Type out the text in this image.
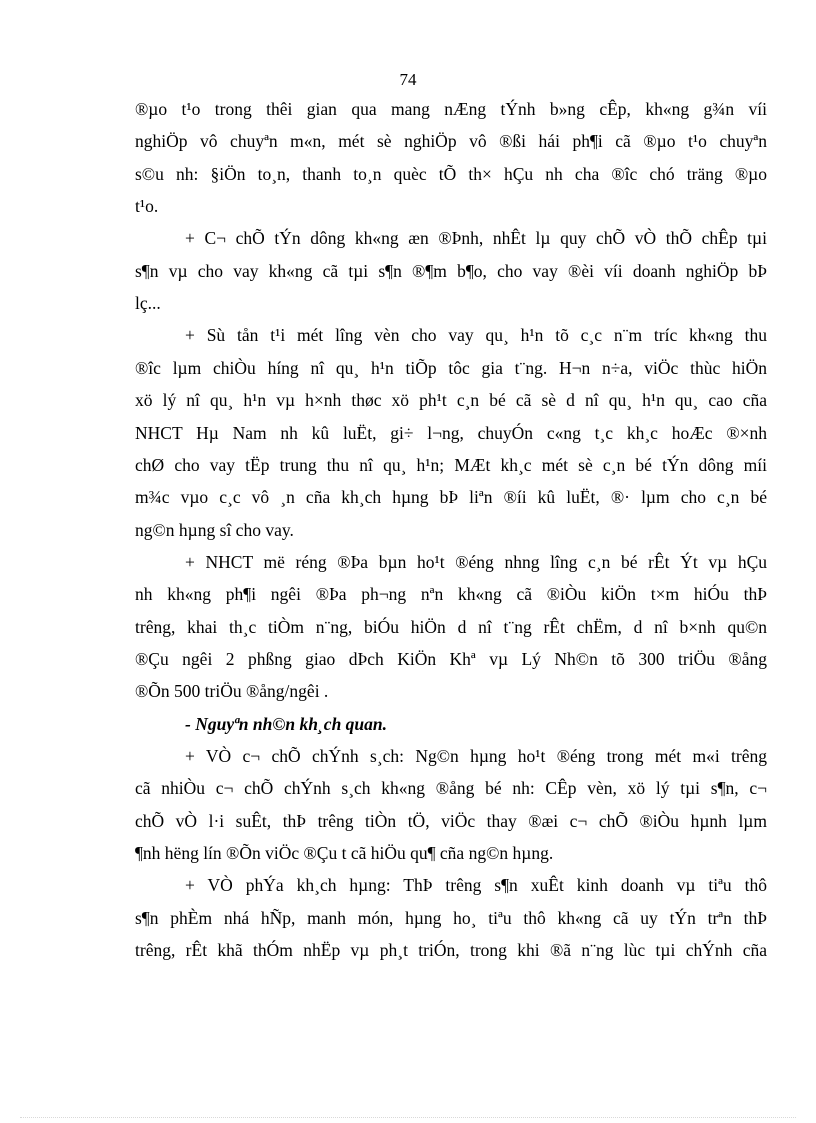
74
®µo t¹o trong thêi gian qua mang nÆng tÝnh b»ng cÊp, kh«ng g¾n víi
nghiÖp vô chuyªn m«n, mét sè nghiÖp vô ®ßi hái ph¶i cã ®µo t¹o chuyªn
s©u nh: §iÖn to¸n, thanh to¸n quèc tÕ th× hÇu nh cha ®îc chó träng ®µo
t¹o.
+ C¬ chÕ tÝn dông kh«ng æn ®Þnh, nhÊt lµ quy chÕ vÒ thÕ chÊp tµi
s¶n vµ cho vay kh«ng cã tµi s¶n ®¶m b¶o, cho vay ®èi víi doanh nghiÖp bÞ
lç...
+ Sù tån t¹i mét lîng vèn cho vay qu¸ h¹n tõ c¸c n¨m tríc kh«ng thu
®îc lµm chiÒu híng nî qu¸ h¹n tiÕp tôc gia t¨ng. H¬n n÷a, viÖc thùc hiÖn
xö lý nî qu¸ h¹n vµ h×nh thøc xö ph¹t c¸n bé cã sè d nî qu¸ h¹n qu¸ cao cña
NHCT Hµ Nam nh kû luËt, gi÷ l¬ng, chuyÓn c«ng t¸c kh¸c hoÆc ®×nh
chØ cho vay tËp trung thu nî qu¸ h¹n; MÆt kh¸c mét sè c¸n bé tÝn dông míi
m¾c vµo c¸c vô ¸n cña kh¸ch hµng bÞ liªn ®íi kû luËt, ®· lµm cho c¸n bé
ng©n hµng sî cho vay.
+ NHCT më réng ®Þa bµn ho¹t ®éng nhng lîng c¸n bé rÊt Ýt vµ hÇu
nh kh«ng ph¶i ngêi ®Þa ph¬ng nªn kh«ng cã ®iÒu kiÖn t×m hiÓu thÞ
trêng, khai th¸c tiÒm n¨ng, biÓu hiÖn d nî t¨ng rÊt chËm, d nî b×nh qu©n
®Çu ngêi 2 phßng giao dÞch KiÖn Khª vµ Lý Nh©n tõ 300 triÖu ®ång
®Õn 500 triÖu ®ång/ngêi .
- Nguyªn nh©n kh¸ch quan.
+ VÒ c¬ chÕ chÝnh s¸ch: Ng©n hµng ho¹t ®éng trong mét m«i trêng
cã nhiÒu c¬ chÕ chÝnh s¸ch kh«ng ®ång bé nh: CÊp vèn, xö lý tµi s¶n, c¬
chÕ vÒ l·i suÊt, thÞ trêng tiÒn tÖ, viÖc thay ®æi c¬ chÕ ®iÒu hµnh lµm
¶nh hëng lín ®Õn viÖc ®Çu t cã hiÖu qu¶ cña ng©n hµng.
+ VÒ phÝa kh¸ch hµng: ThÞ trêng s¶n xuÊt kinh doanh vµ tiªu thô
s¶n phÈm nhá hÑp, manh món, hµng ho¸ tiªu thô kh«ng cã uy tÝn trªn thÞ
trêng, rÊt khã thÓm nhËp vµ ph¸t triÓn, trong khi ®ã n¨ng lùc tµi chÝnh cña
